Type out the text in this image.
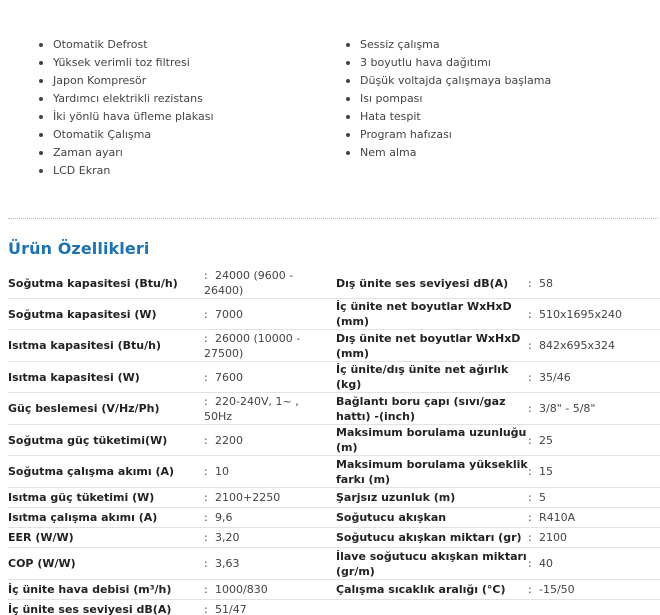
Otomatik Defrost
Yüksek verimli toz filtresi
Japon Kompresör
Yardımcı elektrikli rezistans
İki yönlü hava üfleme plakası
Otomatik Çalışma
Zaman ayarı
LCD Ekran
Sessiz çalışma
3 boyutlu hava dağıtımı
Düşük voltajda çalışmaya başlama
Isı pompası
Hata tespit
Program hafızası
Nem alma
Ürün Özellikleri
Soğutma kapasitesi (Btu/h)	: 24000 (9600 - 26400)	Dış ünite ses seviyesi dB(A)	: 58
Soğutma kapasitesi (W)	: 7000	İç ünite net boyutlar WxHxD (mm)	: 510x1695x240
Isıtma kapasitesi (Btu/h)	: 26000 (10000 - 27500)	Dış ünite net boyutlar WxHxD (mm)	: 842x695x324
Isıtma kapasitesi (W)	: 7600	İç ünite/dış ünite net ağırlık (kg)	: 35/46
Güç beslemesi (V/Hz/Ph)	: 220-240V, 1~ , 50Hz	Bağlantı boru çapı (sıvı/gaz hattı) -(inch)	: 3/8" - 5/8"
Soğutma güç tüketimi(W)	: 2200	Maksimum borulama uzunluğu (m)	: 25
Soğutma çalışma akımı (A)	: 10	Maksimum borulama yükseklik farkı (m)	: 15
Isıtma güç tüketimi (W)	: 2100+2250	Şarjsız uzunluk (m)	: 5
Isıtma çalışma akımı (A)	: 9,6	Soğutucu akışkan	: R410A
EER (W/W)	: 3,20	Soğutucu akışkan miktarı (gr)	: 2100
COP (W/W)	: 3,63	İlave soğutucu akışkan miktarı (gr/m)	: 40
İç ünite hava debisi (m³/h)	: 1000/830	Çalışma sıcaklık aralığı (°C)	: -15/50
İç ünite ses seviyesi dB(A)	: 51/47		
